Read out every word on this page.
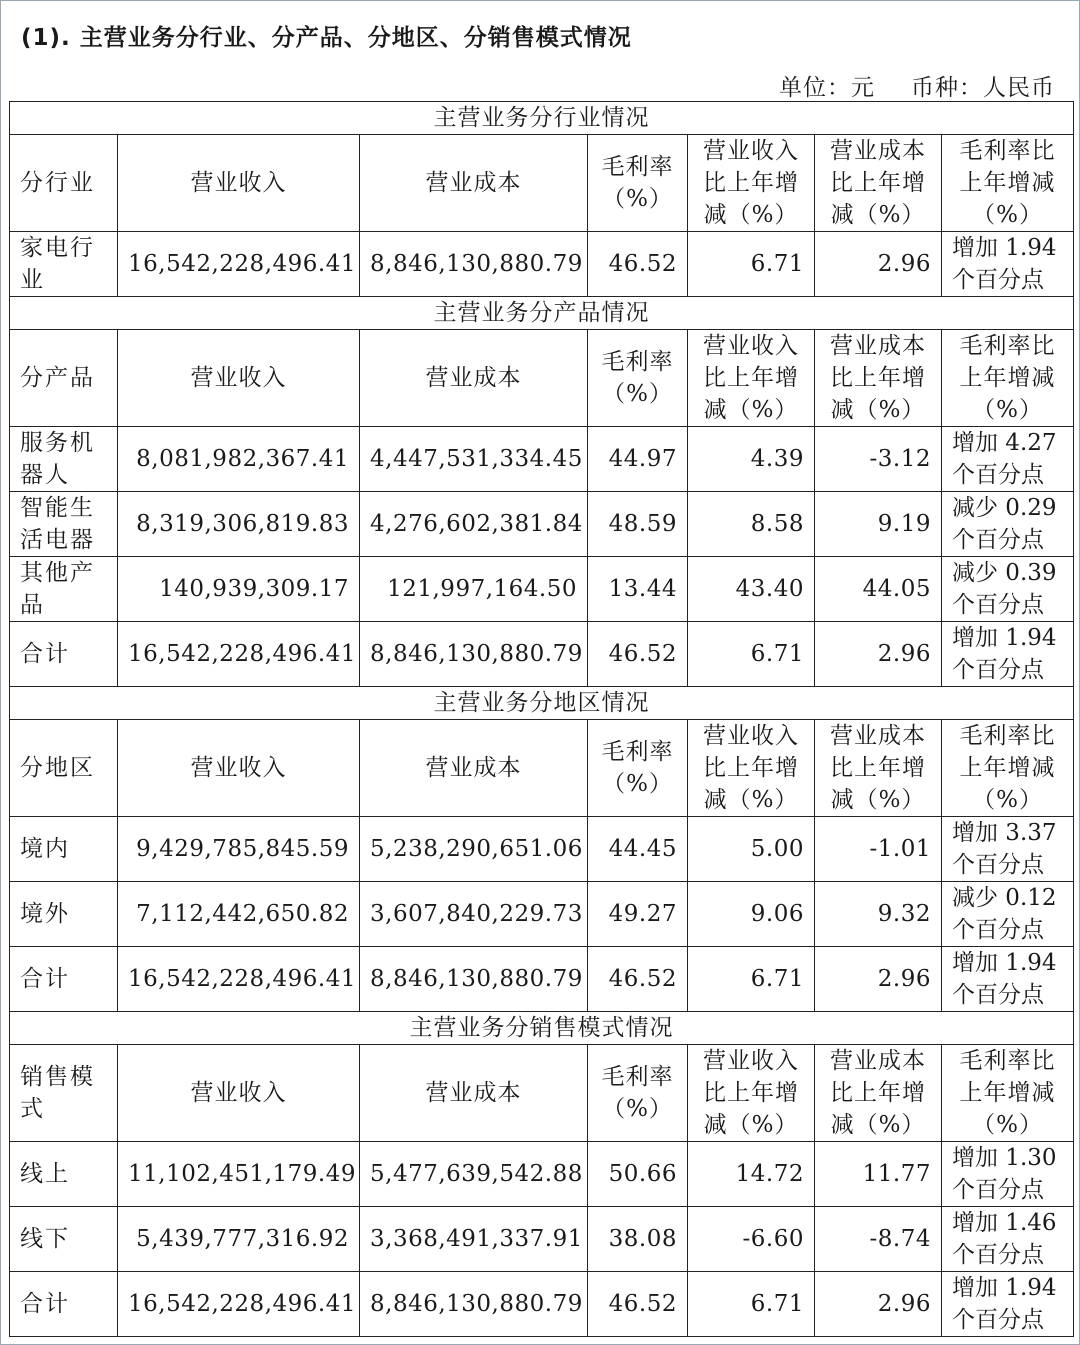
(1). 主营业务分行业、分产品、分地区、分销售模式情况
单位：元 币种：人民币
主营业务分行业情况						
分行业	营业收入	营业成本	毛利率（%）	营业收入比上年增减（%）	营业成本比上年增减（%）	毛利率比上年增减（%）
家电行业	16,542,228,496.41	8,846,130,880.79	46.52	6.71	2.96	增加 1.94 个百分点
主营业务分产品情况						
分产品	营业收入	营业成本	毛利率（%）	营业收入比上年增减（%）	营业成本比上年增减（%）	毛利率比上年增减（%）
服务机器人	8,081,982,367.41	4,447,531,334.45	44.97	4.39	-3.12	增加 4.27 个百分点
智能生活电器	8,319,306,819.83	4,276,602,381.84	48.59	8.58	9.19	减少 0.29 个百分点
其他产品	140,939,309.17	121,997,164.50	13.44	43.40	44.05	减少 0.39 个百分点
合计	16,542,228,496.41	8,846,130,880.79	46.52	6.71	2.96	增加 1.94 个百分点
主营业务分地区情况						
分地区	营业收入	营业成本	毛利率（%）	营业收入比上年增减（%）	营业成本比上年增减（%）	毛利率比上年增减（%）
境内	9,429,785,845.59	5,238,290,651.06	44.45	5.00	-1.01	增加 3.37 个百分点
境外	7,112,442,650.82	3,607,840,229.73	49.27	9.06	9.32	减少 0.12 个百分点
合计	16,542,228,496.41	8,846,130,880.79	46.52	6.71	2.96	增加 1.94 个百分点
主营业务分销售模式情况						
销售模式	营业收入	营业成本	毛利率（%）	营业收入比上年增减（%）	营业成本比上年增减（%）	毛利率比上年增减（%）
线上	11,102,451,179.49	5,477,639,542.88	50.66	14.72	11.77	增加 1.30 个百分点
线下	5,439,777,316.92	3,368,491,337.91	38.08	-6.60	-8.74	增加 1.46 个百分点
合计	16,542,228,496.41	8,846,130,880.79	46.52	6.71	2.96	增加 1.94 个百分点
